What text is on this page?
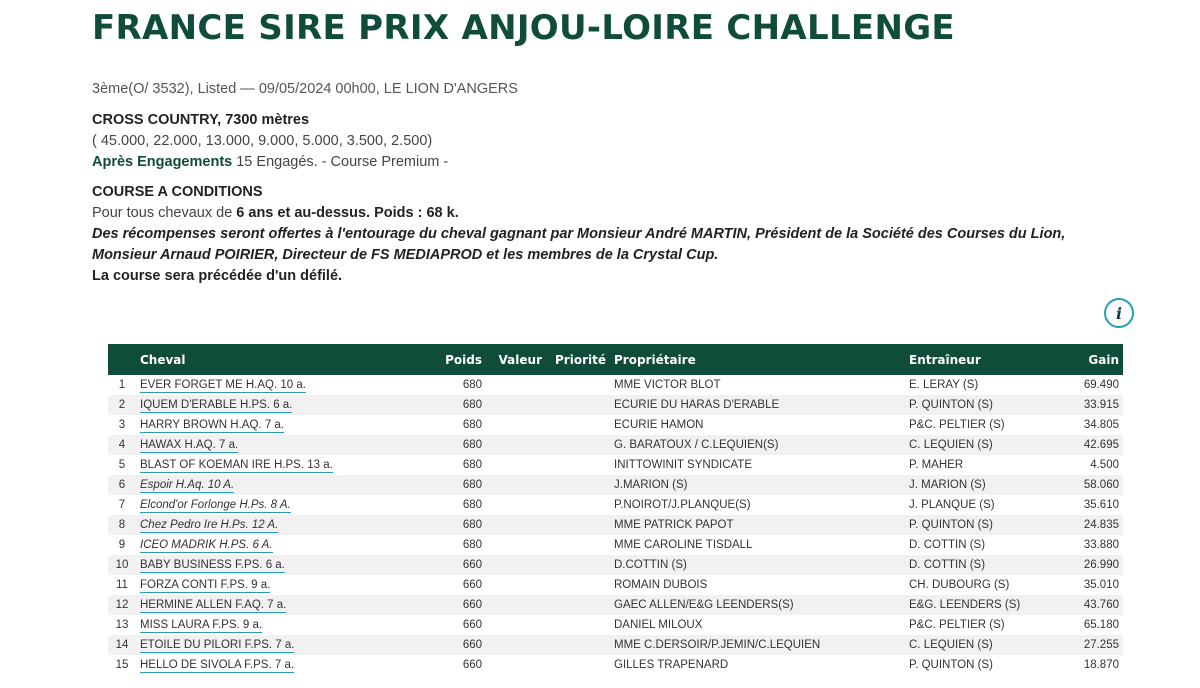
FRANCE SIRE PRIX ANJOU-LOIRE CHALLENGE
3ème(O/ 3532), Listed — 09/05/2024 00h00, LE LION D'ANGERS
CROSS COUNTRY, 7300 mètres
( 45.000, 22.000, 13.000, 9.000, 5.000, 3.500, 2.500)
Après Engagements 15 Engagés. - Course Premium -
COURSE A CONDITIONS
Pour tous chevaux de 6 ans et au-dessus. Poids : 68 k.
Des récompenses seront offertes à l'entourage du cheval gagnant par Monsieur André MARTIN, Président de la Société des Courses du Lion,
Monsieur Arnaud POIRIER, Directeur de FS MEDIAPROD et les membres de la Crystal Cup.
La course sera précédée d'un défilé.
i
	Cheval	Poids	Valeur	Priorité	Propriétaire	Entraîneur	Gain
1	EVER FORGET ME H.AQ. 10 a.	680			MME VICTOR BLOT	E. LERAY (S)	69.490
2	IQUEM D'ERABLE H.PS. 6 a.	680			ECURIE DU HARAS D'ERABLE	P. QUINTON (S)	33.915
3	HARRY BROWN H.AQ. 7 a.	680			ECURIE HAMON	P&C. PELTIER (S)	34.805
4	HAWAX H.AQ. 7 a.	680			G. BARATOUX / C.LEQUIEN(S)	C. LEQUIEN (S)	42.695
5	BLAST OF KOEMAN IRE H.PS. 13 a.	680			INITTOWINIT SYNDICATE	P. MAHER	4.500
6	Espoir H.Aq. 10 A.	680			J.MARION (S)	J. MARION (S)	58.060
7	Elcond'or Forlonge H.Ps. 8 A.	680			P.NOIROT/J.PLANQUE(S)	J. PLANQUE (S)	35.610
8	Chez Pedro Ire H.Ps. 12 A.	680			MME PATRICK PAPOT	P. QUINTON (S)	24.835
9	ICEO MADRIK H.PS. 6 A.	680			MME CAROLINE TISDALL	D. COTTIN (S)	33.880
10	BABY BUSINESS F.PS. 6 a.	660			D.COTTIN (S)	D. COTTIN (S)	26.990
11	FORZA CONTI F.PS. 9 a.	660			ROMAIN DUBOIS	CH. DUBOURG (S)	35.010
12	HERMINE ALLEN F.AQ. 7 a.	660			GAEC ALLEN/E&G LEENDERS(S)	E&G. LEENDERS (S)	43.760
13	MISS LAURA F.PS. 9 a.	660			DANIEL MILOUX	P&C. PELTIER (S)	65.180
14	ETOILE DU PILORI F.PS. 7 a.	660			MME C.DERSOIR/P.JEMIN/C.LEQUIEN	C. LEQUIEN (S)	27.255
15	HELLO DE SIVOLA F.PS. 7 a.	660			GILLES TRAPENARD	P. QUINTON (S)	18.870
